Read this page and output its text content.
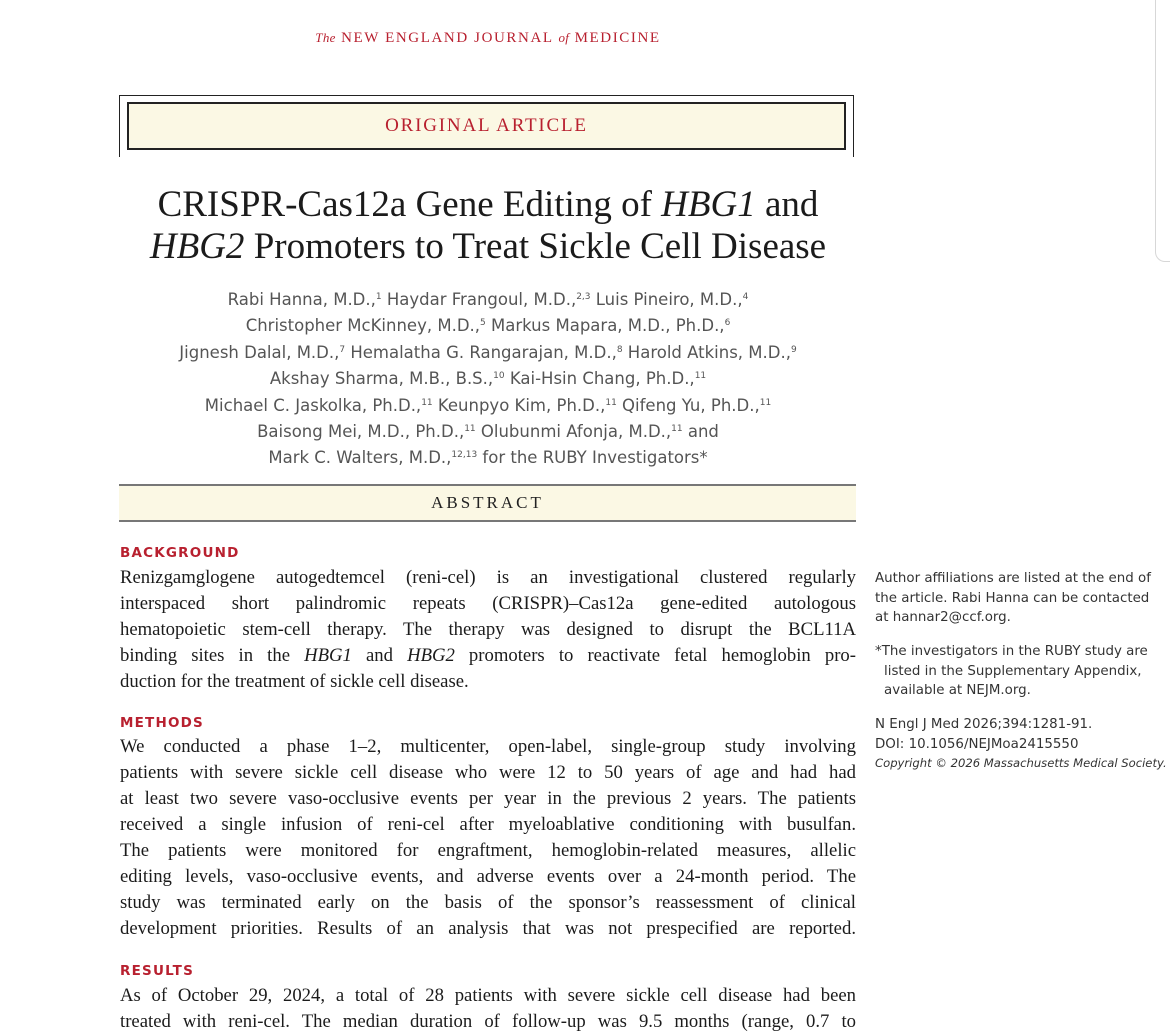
The NEW ENGLAND JOURNAL of MEDICINE
ORIGINAL ARTICLE
CRISPR-Cas12a Gene Editing of HBG1 and
HBG2 Promoters to Treat Sickle Cell Disease
Rabi Hanna, M.D.,$^1$ Haydar Frangoul, M.D.,$^{2,3}$ Luis Pineiro, M.D.,$^4$
Christopher McKinney, M.D.,$^5$ Markus Mapara, M.D., Ph.D.,$^6$
Jignesh Dalal, M.D.,$^7$ Hemalatha G. Rangarajan, M.D.,$^8$ Harold Atkins, M.D.,$^9$
Akshay Sharma, M.B., B.S.,$^{10}$ Kai-Hsin Chang, Ph.D.,$^{11}$
Michael C. Jaskolka, Ph.D.,$^{11}$ Keunpyo Kim, Ph.D.,$^{11}$ Qifeng Yu, Ph.D.,$^{11}$
Baisong Mei, M.D., Ph.D.,$^{11}$ Olubunmi Afonja, M.D.,$^{11}$ and
Mark C. Walters, M.D.,$^{12,13}$ for the RUBY Investigators*
ABSTRACT
BACKGROUND
Renizgamglogene autogedtemcel (reni-cel) is an investigational clustered regularly
interspaced short palindromic repeats (CRISPR)–Cas12a gene-edited autologous
hematopoietic stem-cell therapy. The therapy was designed to disrupt the BCL11A
binding sites in the HBG1 and HBG2 promoters to reactivate fetal hemoglobin pro-
duction for the treatment of sickle cell disease.
METHODS
We conducted a phase 1–2, multicenter, open-label, single-group study involving
patients with severe sickle cell disease who were 12 to 50 years of age and had had
at least two severe vaso-occlusive events per year in the previous 2 years. The patients
received a single infusion of reni-cel after myeloablative conditioning with busulfan.
The patients were monitored for engraftment, hemoglobin-related measures, allelic
editing levels, vaso-occlusive events, and adverse events over a 24-month period. The
study was terminated early on the basis of the sponsor’s reassessment of clinical
development priorities. Results of an analysis that was not prespecified are reported.
RESULTS
As of October 29, 2024, a total of 28 patients with severe sickle cell disease had been
treated with reni-cel. The median duration of follow-up was 9.5 months (range, 0.7 to
Author affiliations are listed at the end of
the article. Rabi Hanna can be contacted
at hannar2@ccf.org.
*The investigators in the RUBY study are
listed in the Supplementary Appendix,
available at NEJM.org.
N Engl J Med 2026;394:1281-91.
DOI: 10.1056/NEJMoa2415550
Copyright © 2026 Massachusetts Medical Society.
